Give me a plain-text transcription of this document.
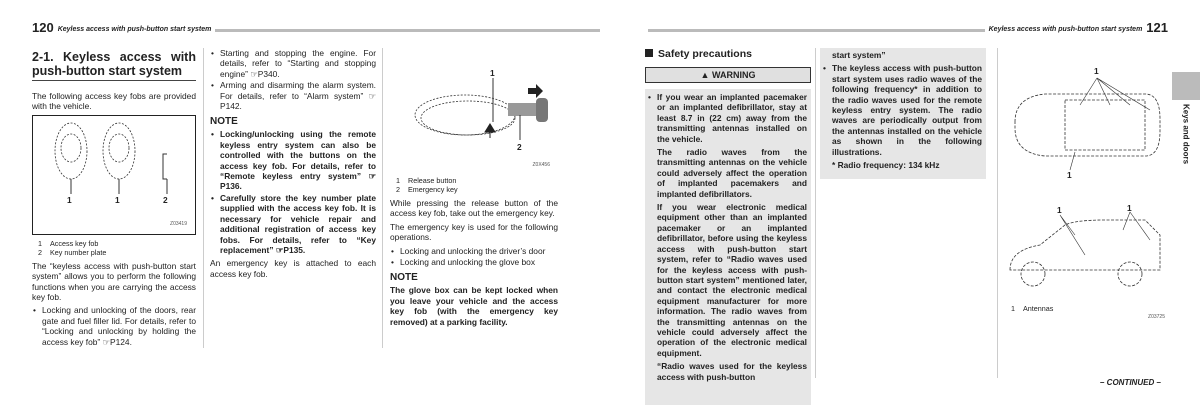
120 Keyless access with push-button start system	Keyless access with push-button start system 121
2-1. Keyless access with push-button start system

The following access key fobs are provided with the vehicle.

1	1	2
Z03419
1	Access key fob
2	Key number plate

The “keyless access with push-button start system” allows you to perform the following functions when you are carrying the access key fob.

• Locking and unlocking of the doors, rear gate and fuel filler lid. For details, refer to “Locking and unlocking by holding the access key fob” ☞P124.
• Starting and stopping the engine. For details, refer to “Starting and stopping engine” ☞P340.
• Arming and disarming the alarm system. For details, refer to “Alarm system” ☞P142.
NOTE
• Locking/unlocking using the remote keyless entry system can also be controlled with the buttons on the access key fob. For details, refer to “Remote keyless entry system” ☞P136.
• Carefully store the key number plate supplied with the access key fob. It is necessary for vehicle repair and additional registration of access key fobs. For details, refer to “Key replacement” ☞P135.

An emergency key is attached to each access key fob.

1
2
Z0X456
1	Release button
2	Emergency key

While pressing the release button of the access key fob, take out the emergency key.

The emergency key is used for the following operations.

• Locking and unlocking the driver’s door
• Locking and unlocking the glove box
NOTE

The glove box can be kept locked when you leave your vehicle and the access key fob (with the emergency key removed) at a parking facility.

Safety precautions
▲ WARNING
• If you wear an implanted pacemaker or an implanted defibrillator, stay at least 8.7 in (22 cm) away from the transmitting antennas installed on the vehicle.

The radio waves from the transmitting antennas on the vehicle could adversely affect the operation of implanted pacemakers and implanted defibrillators.

If you wear electronic medical equipment other than an implanted pacemaker or an implanted defibrillator, before using the keyless access with push-button start system, refer to “Radio waves used for the keyless access with push-button start system” mentioned later, and contact the electronic medical equipment manufacturer for more information. The radio waves from the transmitting antennas on the vehicle could adversely affect the operation of the electronic medical equipment.

“Radio waves used for the keyless access with push-button

start system”

• The keyless access with push-button start system uses radio waves of the following frequency* in addition to the radio waves used for the remote keyless entry system. The radio waves are periodically output from the antennas installed on the vehicle as shown in the following illustrations.

* Radio frequency: 134 kHz

1
1
1	1
Z03725
1	Antennas
Keys and doors
– CONTINUED –
